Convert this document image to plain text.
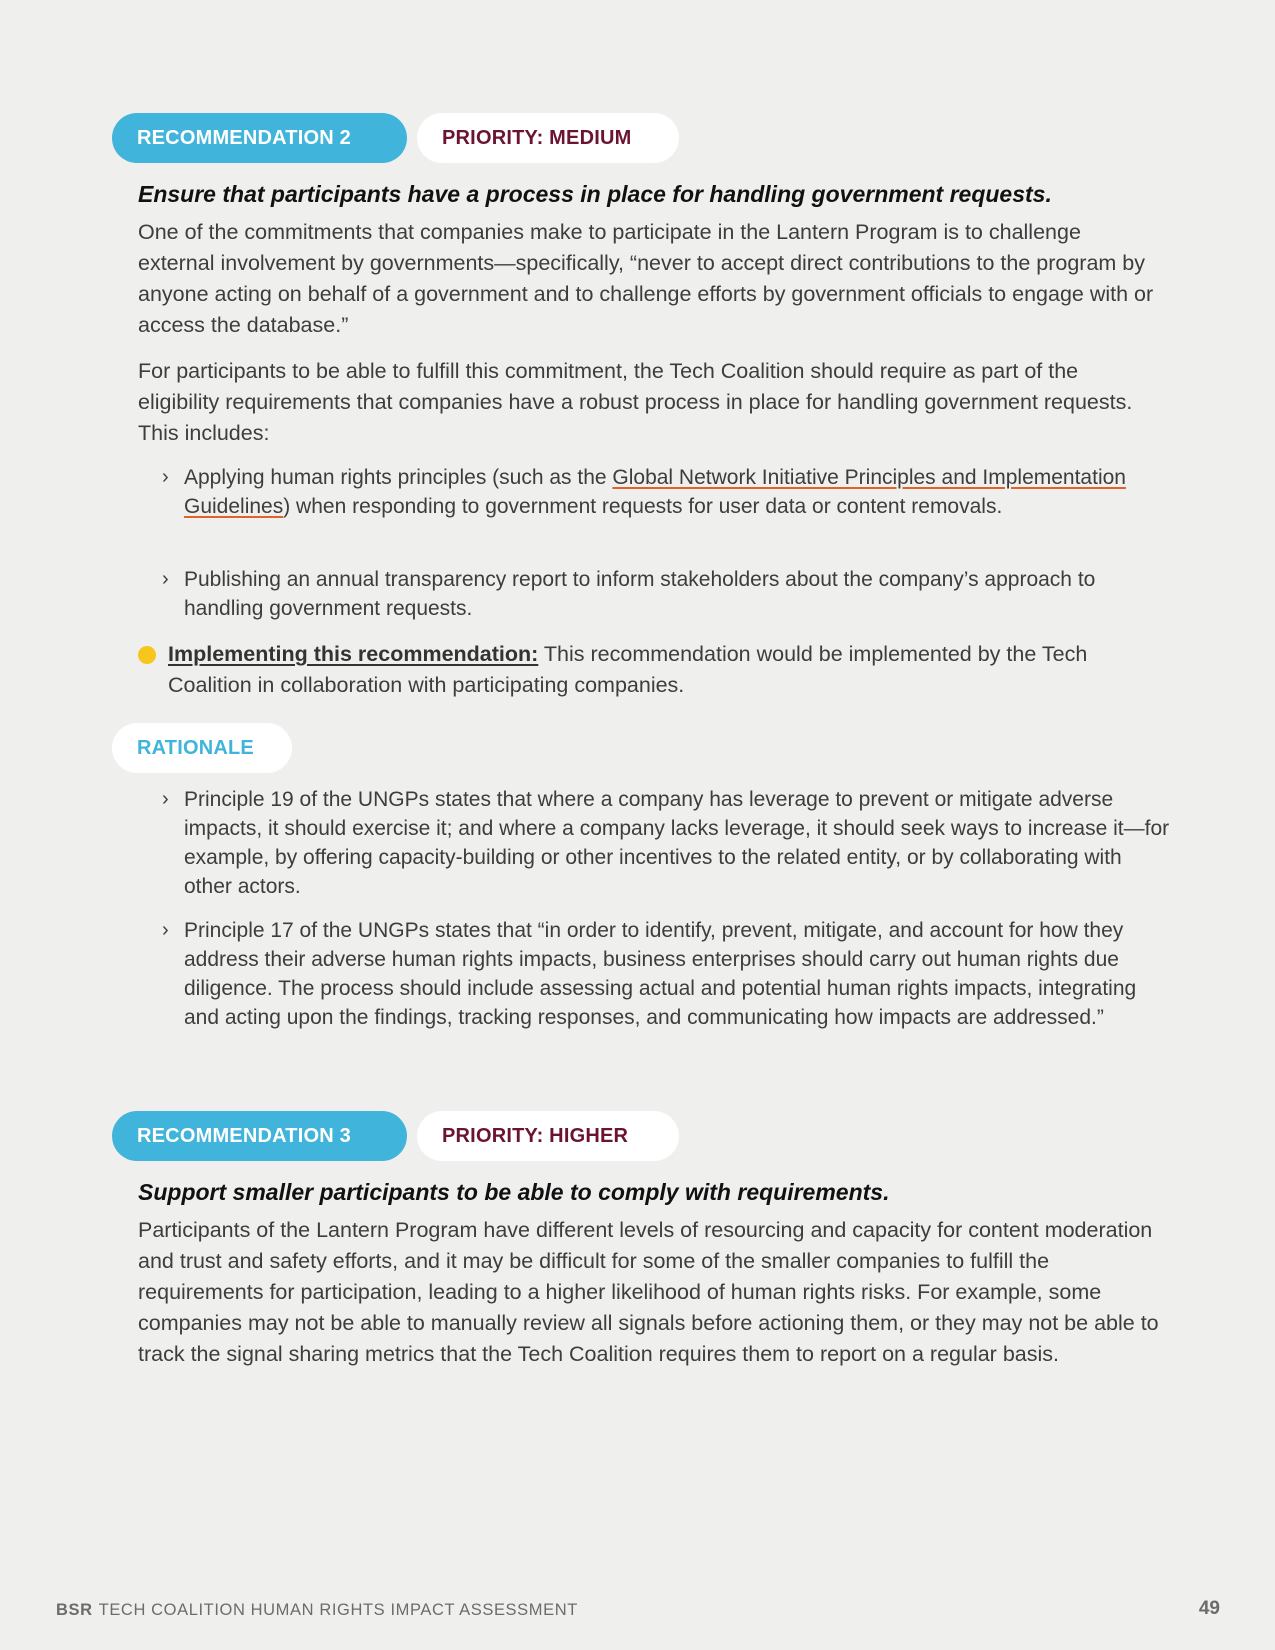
RECOMMENDATION 2	PRIORITY: MEDIUM
Ensure that participants have a process in place for handling government requests.

One of the commitments that companies make to participate in the Lantern Program is to challenge external involvement by governments—specifically, “never to accept direct contributions to the program by anyone acting on behalf of a government and to challenge efforts by government officials to engage with or access the database.”

For participants to be able to fulfill this commitment, the Tech Coalition should require as part of the eligibility requirements that companies have a robust process in place for handling government requests. This includes:

› Applying human rights principles (such as the Global Network Initiative Principles and Implementation Guidelines) when responding to government requests for user data or content removals.
› Publishing an annual transparency report to inform stakeholders about the company’s approach to handling government requests.
Implementing this recommendation: This recommendation would be implemented by the Tech Coalition in collaboration with participating companies.
RATIONALE
› Principle 19 of the UNGPs states that where a company has leverage to prevent or mitigate adverse impacts, it should exercise it; and where a company lacks leverage, it should seek ways to increase it—for example, by offering capacity-building or other incentives to the related entity, or by collaborating with other actors.
› Principle 17 of the UNGPs states that “in order to identify, prevent, mitigate, and account for how they address their adverse human rights impacts, business enterprises should carry out human rights due diligence. The process should include assessing actual and potential human rights impacts, integrating and acting upon the findings, tracking responses, and communicating how impacts are addressed.”
RECOMMENDATION 3	PRIORITY: HIGHER
Support smaller participants to be able to comply with requirements.

Participants of the Lantern Program have different levels of resourcing and capacity for content moderation and trust and safety efforts, and it may be difficult for some of the smaller companies to fulfill the requirements for participation, leading to a higher likelihood of human rights risks. For example, some companies may not be able to manually review all signals before actioning them, or they may not be able to track the signal sharing metrics that the Tech Coalition requires them to report on a regular basis.

BSR TECH COALITION HUMAN RIGHTS IMPACT ASSESSMENT	49
